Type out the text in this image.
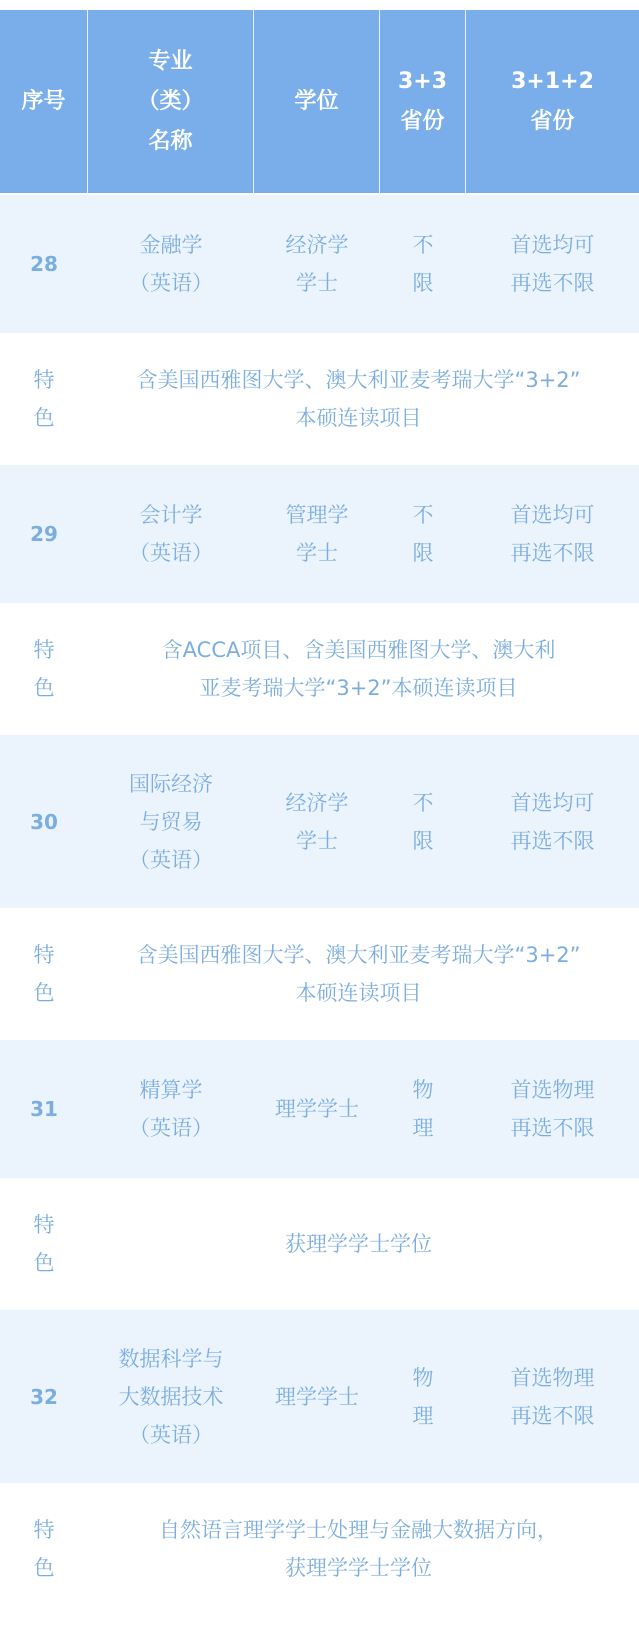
序号
专业
（类）
名称
学位
3+3
省份
3+1+2
省份
28
金融学
（英语）
经济学
学士
不
限
首选均可
再选不限
特
色
含美国西雅图大学、澳大利亚麦考瑞大学“3+2”
本硕连读项目
29
会计学
（英语）
管理学
学士
不
限
首选均可
再选不限
特
色
含ACCA项目、含美国西雅图大学、澳大利
亚麦考瑞大学“3+2”本硕连读项目
30
国际经济
与贸易
（英语）
经济学
学士
不
限
首选均可
再选不限
特
色
含美国西雅图大学、澳大利亚麦考瑞大学“3+2”
本硕连读项目
31
精算学
（英语）
理学学士
物
理
首选物理
再选不限
特
色
获理学学士学位
32
数据科学与
大数据技术
（英语）
理学学士
物
理
首选物理
再选不限
特
色
自然语言理学学士处理与金融大数据方向，
获理学学士学位
